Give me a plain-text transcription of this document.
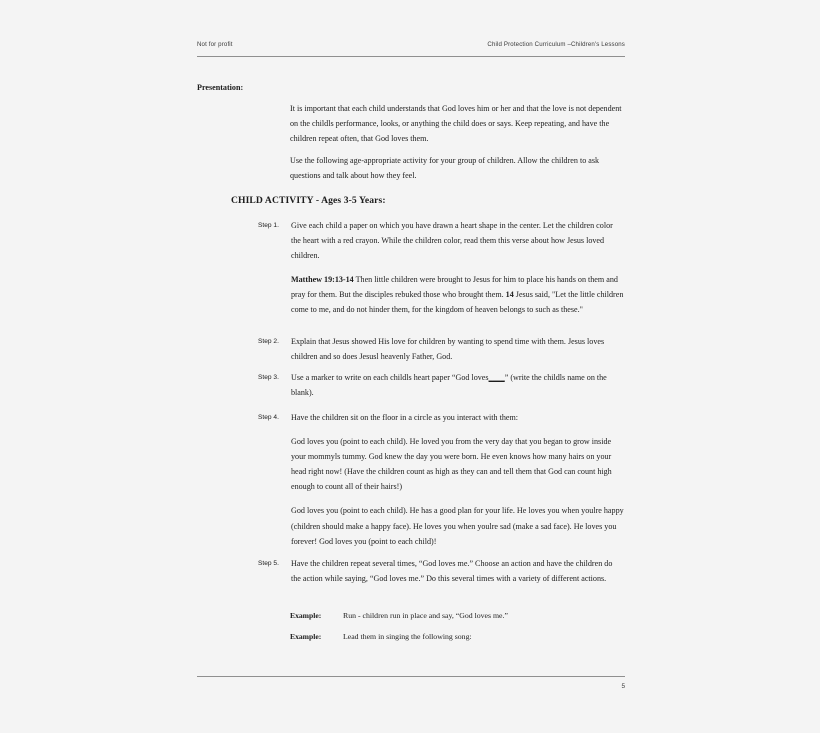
Not for profit	Child Protection Curriculum –Children's Lessons
Presentation:
It is important that each child understands that God loves him or her and that the love is not dependent on the childls performance, looks, or anything the child does or says. Keep repeating, and have the children repeat often, that God loves them.
Use the following age-appropriate activity for your group of children. Allow the children to ask questions and talk about how they feel.
CHILD ACTIVITY - Ages 3-5 Years:
Step 1.	Give each child a paper on which you have drawn a heart shape in the center. Let the children color the heart with a red crayon. While the children color, read them this verse about how Jesus loved children.

Matthew 19:13-14 Then little children were brought to Jesus for him to place his hands on them and pray for them. But the disciples rebuked those who brought them. 14 Jesus said, "Let the little children come to me, and do not hinder them, for the kingdom of heaven belongs to such as these."

Step 2.	Explain that Jesus showed His love for children by wanting to spend time with them. Jesus loves children and so does Jesusl heavenly Father, God.

Step 3.	Use a marker to write on each childls heart paper “God loves____” (write the childls name on the blank).

Step 4.	Have the children sit on the floor in a circle as you interact with them:

God loves you (point to each child). He loved you from the very day that you began to grow inside your mommyls tummy. God knew the day you were born. He even knows how many hairs on your head right now! (Have the children count as high as they can and tell them that God can count high enough to count all of their hairs!)

God loves you (point to each child). He has a good plan for your life. He loves you when youlre happy (children should make a happy face). He loves you when youlre sad (make a sad face). He loves you forever! God loves you (point to each child)!

Step 5.	Have the children repeat several times, “God loves me.” Choose an action and have the children do the action while saying, “God loves me.” Do this several times with a variety of different actions.

Example:	Run - children run in place and say, “God loves me.”
Example:	Lead them in singing the following song:
5
